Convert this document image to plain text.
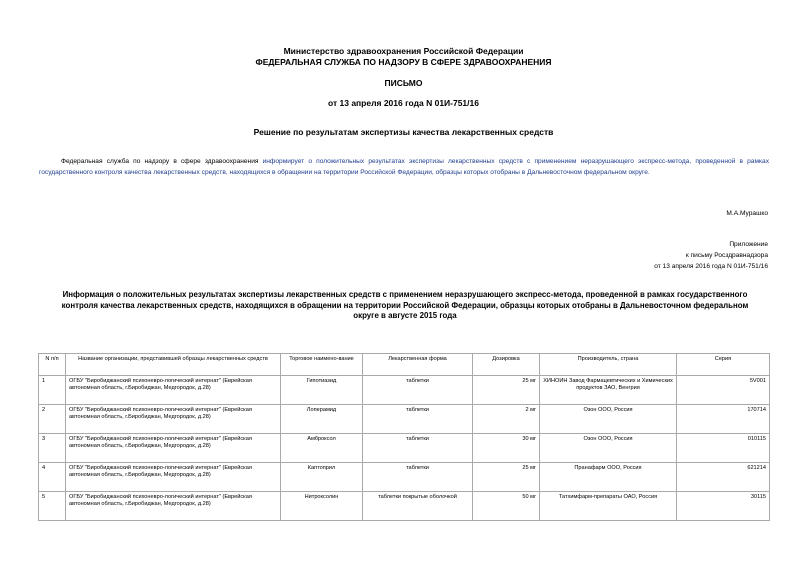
Министерство здравоохранения Российской Федерации
ФЕДЕРАЛЬНАЯ СЛУЖБА ПО НАДЗОРУ В СФЕРЕ ЗДРАВООХРАНЕНИЯ
ПИСЬМО
от 13 апреля 2016 года N 01И-751/16
Решение по результатам экспертизы качества лекарственных средств
Федеральная служба по надзору в сфере здравоохранения информирует о положительных результатах экспертизы лекарственных средств с применением неразрушающего экспресс-метода, проведенной в рамках государственного контроля качества лекарственных средств, находящихся в обращении на территории Российской Федерации, образцы которых отобраны в Дальневосточном федеральном округе.
М.А.Мурашко
Приложение
к письму Росздравнадзора
от 13 апреля 2016 года N 01И-751/16
Информация о положительных результатах экспертизы лекарственных средств с применением неразрушающего экспресс-метода, проведенной в рамках государственного контроля качества лекарственных средств, находящихся в обращении на территории Российской Федерации, образцы которых отобраны в Дальневосточном федеральном округе в августе 2015 года
N п/п	Название организации, представившей образцы лекарственных средств	Торговое наимено-вание	Лекарственная форма	Дозировка	Производитель, страна	Серия
1	ОГБУ "Биробиджанский психоневро-логический интернат" (Еврейская автономная область, г.Биробиджан, Медгородок, д.28)	Гипотиазид	таблетки	25 мг	ХИНОИН Завод Фармацевтических и Химических продуктов ЗАО, Венгрия	5V001
2	ОГБУ "Биробиджанский психоневро-логический интернат" (Еврейская автономная область, г.Биробиджан, Медгородок, д.28)	Лоперамид	таблетки	2 мг	Озон ООО, Россия	170714
3	ОГБУ "Биробиджанский психоневро-логический интернат" (Еврейская автономная область, г.Биробиджан, Медгородок, д.28)	Амброксол	таблетки	30 мг	Озон ООО, Россия	010115
4	ОГБУ "Биробиджанский психоневро-логический интернат" (Еврейская автономная область, г.Биробиджан, Медгородок, д.28)	Каптоприл	таблетки	25 мг	Пранафарм ООО, Россия	621214
5	ОГБУ "Биробиджанский психоневро-логический интернат" (Еврейская автономная область, г.Биробиджан, Медгородок, д.28)	Нитроксолин	таблетки покрытые оболочкой	50 мг	Татхимфарм-препараты ОАО, Россия	30115
